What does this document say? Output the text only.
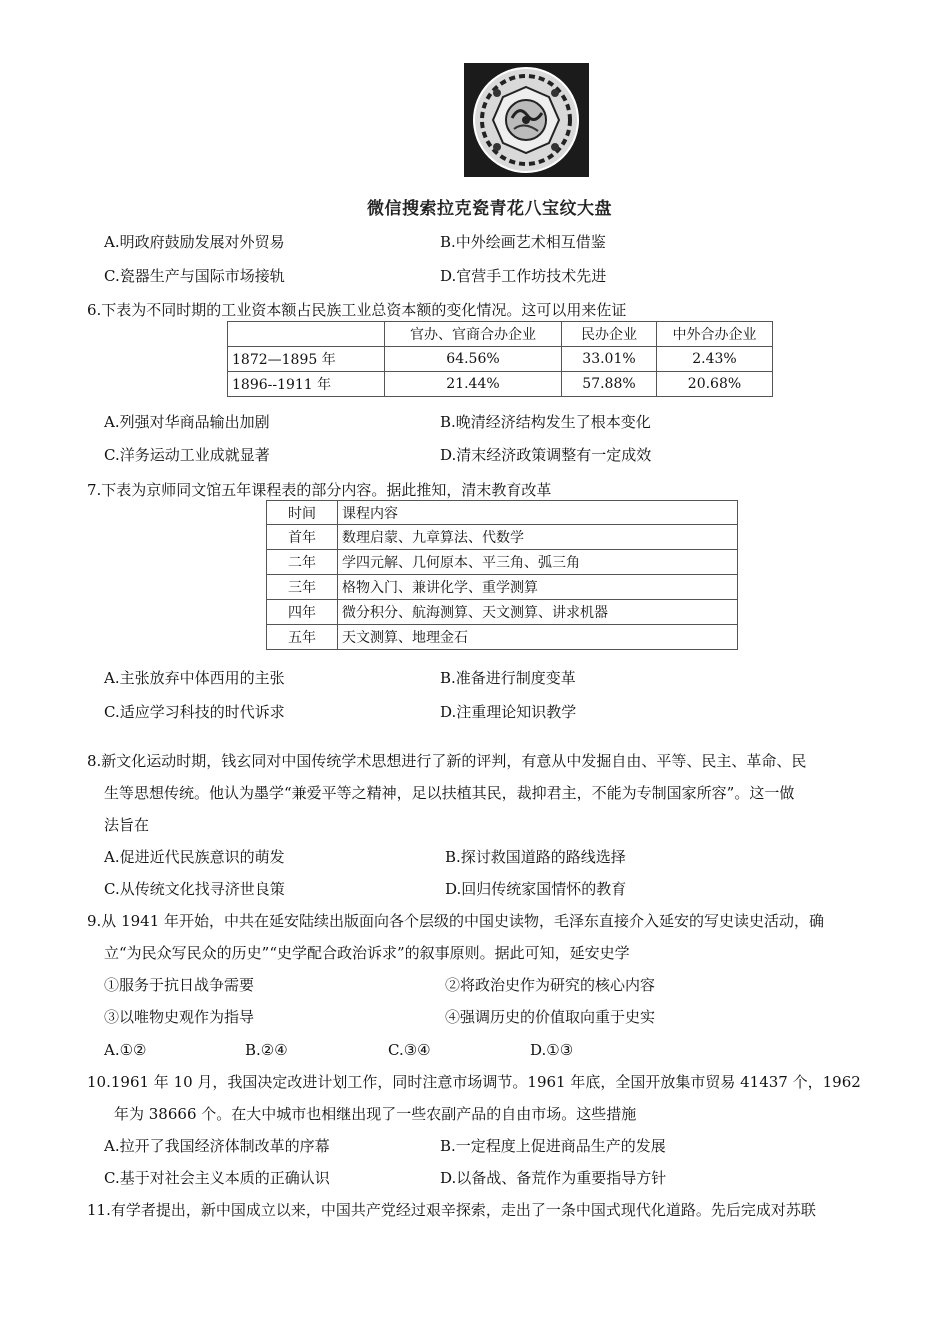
微信搜索拉克瓷青花八宝纹大盘
A.明政府鼓励发展对外贸易	B.中外绘画艺术相互借鉴
C.瓷器生产与国际市场接轨	D.官营手工作坊技术先进
6.下表为不同时期的工业资本额占民族工业总资本额的变化情况。这可以用来佐证
	官办、官商合办企业	民办企业	中外合办企业
1872—1895 年	64.56%	33.01%	2.43%
1896--1911 年	21.44%	57.88%	20.68%
A.列强对华商品输出加剧	B.晚清经济结构发生了根本变化
C.洋务运动工业成就显著	D.清末经济政策调整有一定成效
7.下表为京师同文馆五年课程表的部分内容。据此推知，清末教育改革
时间	课程内容
首年	数理启蒙、九章算法、代数学
二年	学四元解、几何原本、平三角、弧三角
三年	格物入门、兼讲化学、重学测算
四年	微分积分、航海测算、天文测算、讲求机器
五年	天文测算、地理金石
A.主张放弃中体西用的主张	B.准备进行制度变革
C.适应学习科技的时代诉求	D.注重理论知识教学
8.新文化运动时期，钱玄同对中国传统学术思想进行了新的评判，有意从中发掘自由、平等、民主、革命、民
生等思想传统。他认为墨学“兼爱平等之精神，足以扶植其民，裁抑君主，不能为专制国家所容”。这一做
法旨在
A.促进近代民族意识的萌发	B.探讨救国道路的路线选择
C.从传统文化找寻济世良策	D.回归传统家国情怀的教育
9.从 1941 年开始，中共在延安陆续出版面向各个层级的中国史读物，毛泽东直接介入延安的写史读史活动，确
立“为民众写民众的历史”“史学配合政治诉求”的叙事原则。据此可知，延安史学
①服务于抗日战争需要	②将政治史作为研究的核心内容
③以唯物史观作为指导	④强调历史的价值取向重于史实
A.①②	B.②④	C.③④	D.①③
10.1961 年 10 月，我国决定改进计划工作，同时注意市场调节。1961 年底，全国开放集市贸易 41437 个，1962
年为 38666 个。在大中城市也相继出现了一些农副产品的自由市场。这些措施
A.拉开了我国经济体制改革的序幕	B.一定程度上促进商品生产的发展
C.基于对社会主义本质的正确认识	D.以备战、备荒作为重要指导方针
11.有学者提出，新中国成立以来，中国共产党经过艰辛探索，走出了一条中国式现代化道路。先后完成对苏联
